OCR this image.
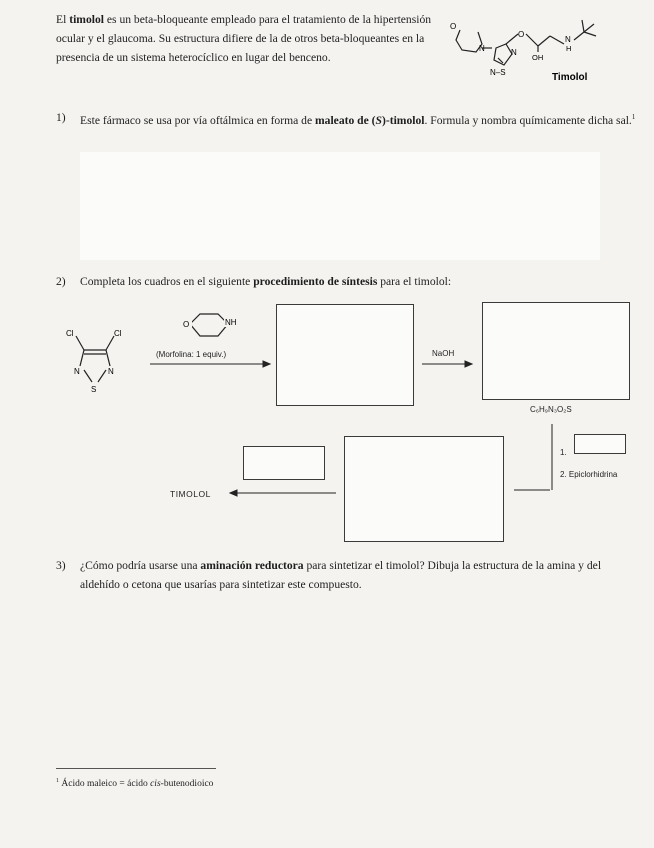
El timolol es un beta-bloqueante empleado para el tratamiento de la hipertensión ocular y el glaucoma. Su estructura difiere de la de otros beta-bloqueantes en la presencia de un sistema heterocíclico en lugar del benceno.

O
N
O
OH
N
H
N
N–S	Timolol
1) Este fármaco se usa por vía oftálmica en forma de maleato de (S)-timolol. Formula y nombra químicamente dicha sal.$^1$
2) Completa los cuadros en el siguiente procedimiento de síntesis para el timolol:
Cl	Cl
N	N
S
O	NH
(Morfolina: 1 equiv.)	NaOH
C₆H₉N₃O₂S
1.
2. Epiclorhidrina
TIMOLOL
3) ¿Cómo podría usarse una aminación reductora para sintetizar el timolol? Dibuja la estructura de la amina y del aldehído o cetona que usarías para sintetizar este compuesto.
$^1$ Ácido maleico = ácido cis-butenodioico
